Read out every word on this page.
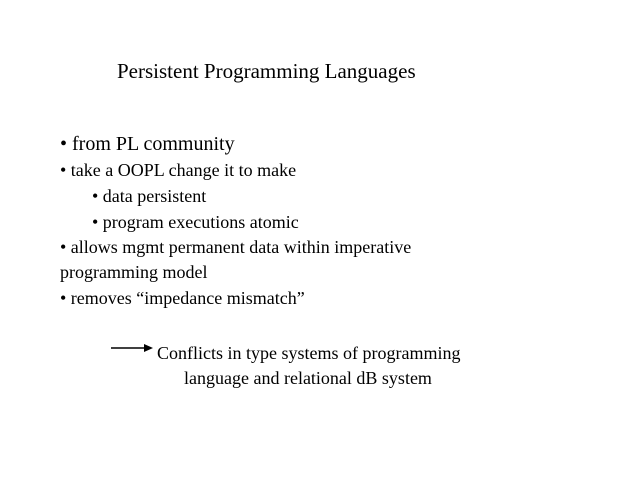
Persistent Programming Languages
• from PL community
• take a OOPL change it to make
• data persistent
• program executions atomic
• allows mgmt permanent data within imperative
programming model
• removes “impedance mismatch”
Conflicts in type systems of programming
language and relational dB system
